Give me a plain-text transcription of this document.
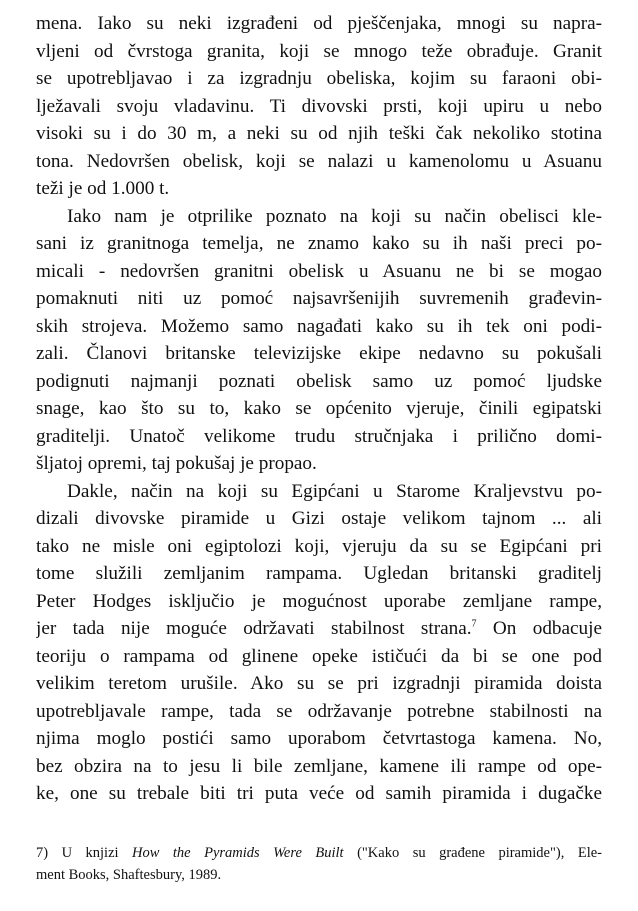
mena. Iako su neki izgrađeni od pješčenjaka, mnogi su napra-
vljeni od čvrstoga granita, koji se mnogo teže obrađuje. Granit
se upotrebljavao i za izgradnju obeliska, kojim su faraoni obi-
lježavali svoju vladavinu. Ti divovski prsti, koji upiru u nebo
visoki su i do 30 m, a neki su od njih teški čak nekoliko stotina
tona. Nedovršen obelisk, koji se nalazi u kamenolomu u Asuanu
teži je od 1.000 t.
Iako nam je otprilike poznato na koji su način obelisci kle-
sani iz granitnoga temelja, ne znamo kako su ih naši preci po-
micali - nedovršen granitni obelisk u Asuanu ne bi se mogao
pomaknuti niti uz pomoć najsavršenijih suvremenih građevin-
skih strojeva. Možemo samo nagađati kako su ih tek oni podi-
zali. Članovi britanske televizijske ekipe nedavno su pokušali
podignuti najmanji poznati obelisk samo uz pomoć ljudske
snage, kao što su to, kako se općenito vjeruje, činili egipatski
graditelji. Unatoč velikome trudu stručnjaka i prilično domi-
šljatoj opremi, taj pokušaj je propao.
Dakle, način na koji su Egipćani u Starome Kraljevstvu po-
dizali divovske piramide u Gizi ostaje velikom tajnom ... ali
tako ne misle oni egiptolozi koji, vjeruju da su se Egipćani pri
tome služili zemljanim rampama. Ugledan britanski graditelj
Peter Hodges isključio je mogućnost uporabe zemljane rampe,
jer tada nije moguće održavati stabilnost strana.$^7$ On odbacuje
teoriju o rampama od glinene opeke ističući da bi se one pod
velikim teretom urušile. Ako su se pri izgradnji piramida doista
upotrebljavale rampe, tada se održavanje potrebne stabilnosti na
njima moglo postići samo uporabom četvrtastoga kamena. No,
bez obzira na to jesu li bile zemljane, kamene ili rampe od ope-
ke, one su trebale biti tri puta veće od samih piramida i dugačke
7) U knjizi How the Pyramids Were Built ("Kako su građene piramide"), Ele-
ment Books, Shaftesbury, 1989.
